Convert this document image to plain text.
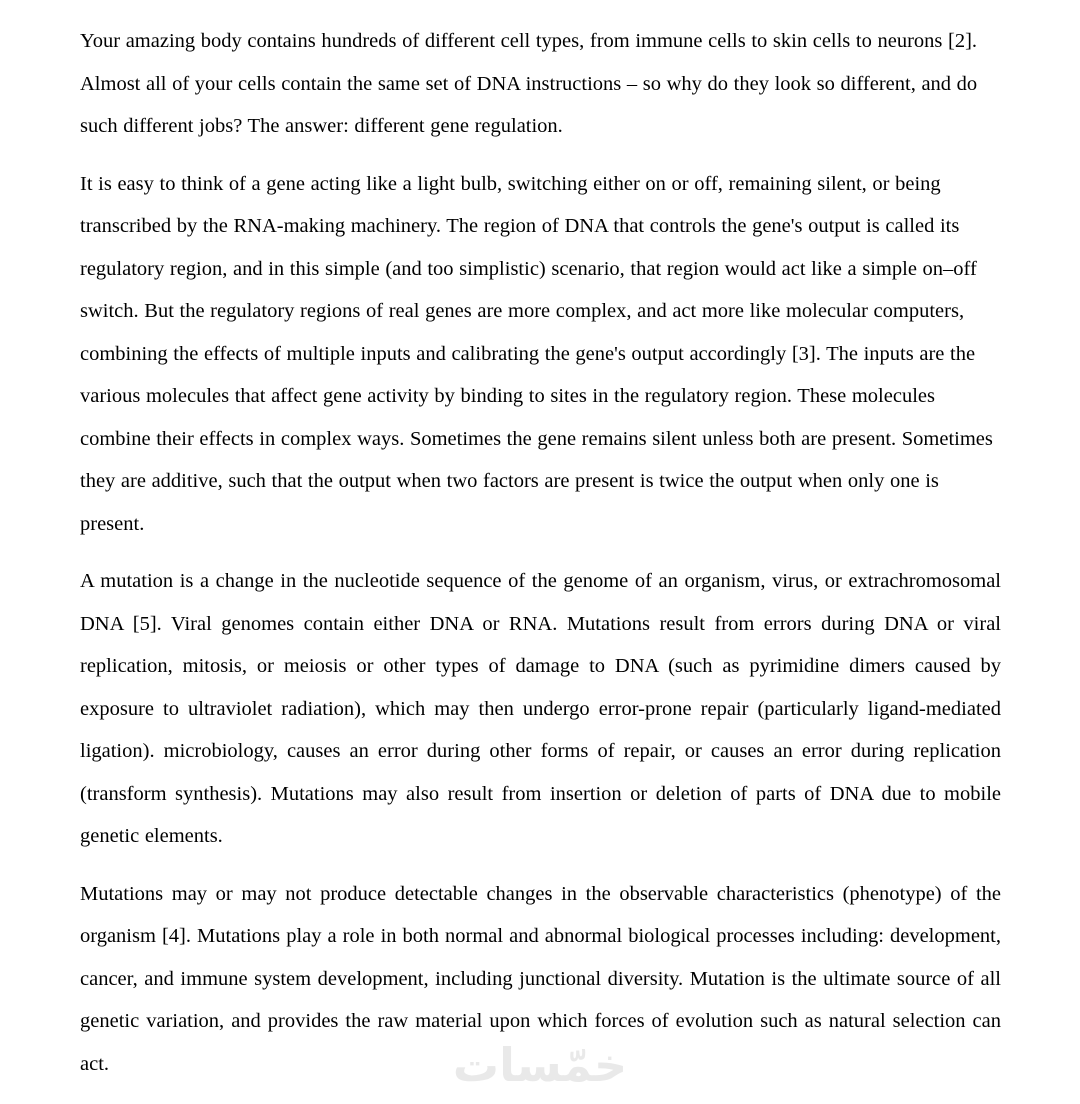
خمّسات

Your amazing body contains hundreds of different cell types, from immune cells to skin cells to neurons [2]. Almost all of your cells contain the same set of DNA instructions – so why do they look so different, and do such different jobs? The answer: different gene regulation.

It is easy to think of a gene acting like a light bulb, switching either on or off, remaining silent, or being transcribed by the RNA-making machinery. The region of DNA that controls the gene's output is called its regulatory region, and in this simple (and too simplistic) scenario, that region would act like a simple on–off switch. But the regulatory regions of real genes are more complex, and act more like molecular computers, combining the effects of multiple inputs and calibrating the gene's output accordingly [3]. The inputs are the various molecules that affect gene activity by binding to sites in the regulatory region. These molecules combine their effects in complex ways. Sometimes the gene remains silent unless both are present. Sometimes they are additive, such that the output when two factors are present is twice the output when only one is present.

A mutation is a change in the nucleotide sequence of the genome of an organism, virus, or extrachromosomal DNA [5]. Viral genomes contain either DNA or RNA. Mutations result from errors during DNA or viral replication, mitosis, or meiosis or other types of damage to DNA (such as pyrimidine dimers caused by exposure to ultraviolet radiation), which may then undergo error-prone repair (particularly ligand-mediated ligation). microbiology, causes an error during other forms of repair, or causes an error during replication (transform synthesis). Mutations may also result from insertion or deletion of parts of DNA due to mobile genetic elements.

Mutations may or may not produce detectable changes in the observable characteristics (phenotype) of the organism [4]. Mutations play a role in both normal and abnormal biological processes including: development, cancer, and immune system development, including junctional diversity. Mutation is the ultimate source of all genetic variation, and provides the raw material upon which forces of evolution such as natural selection can act.
